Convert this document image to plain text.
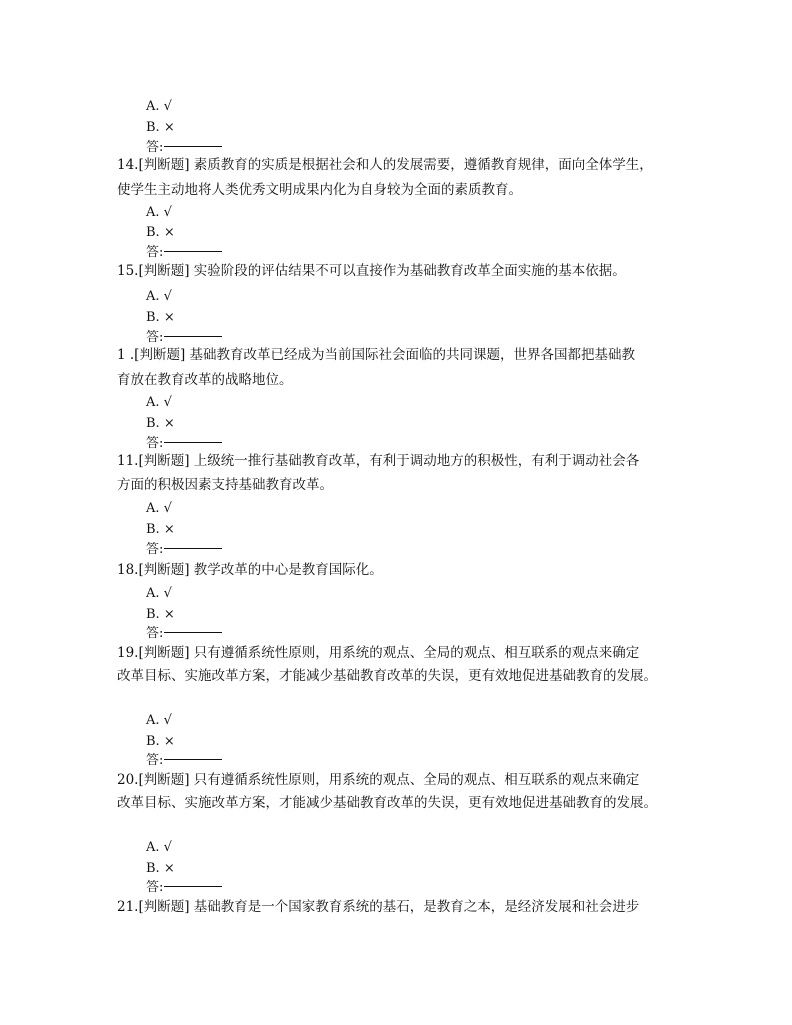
A. √
B. ×
答:
14.[判断题] 素质教育的实质是根据社会和人的发展需要，遵循教育规律，面向全体学生，
使学生主动地将人类优秀文明成果内化为自身较为全面的素质教育。
A. √
B. ×
答:
15.[判断题] 实验阶段的评估结果不可以直接作为基础教育改革全面实施的基本依据。
A. √
B. ×
答:
1 .[判断题] 基础教育改革已经成为当前国际社会面临的共同课题，世界各国都把基础教
育放在教育改革的战略地位。
A. √
B. ×
答:
11.[判断题] 上级统一推行基础教育改革，有利于调动地方的积极性，有利于调动社会各
方面的积极因素支持基础教育改革。
A. √
B. ×
答:
18.[判断题] 教学改革的中心是教育国际化。
A. √
B. ×
答:
19.[判断题] 只有遵循系统性原则，用系统的观点、全局的观点、相互联系的观点来确定
改革目标、实施改革方案，才能减少基础教育改革的失误，更有效地促进基础教育的发展。
A. √
B. ×
答:
20.[判断题] 只有遵循系统性原则，用系统的观点、全局的观点、相互联系的观点来确定
改革目标、实施改革方案，才能减少基础教育改革的失误，更有效地促进基础教育的发展。
A. √
B. ×
答:
21.[判断题] 基础教育是一个国家教育系统的基石，是教育之本，是经济发展和社会进步
